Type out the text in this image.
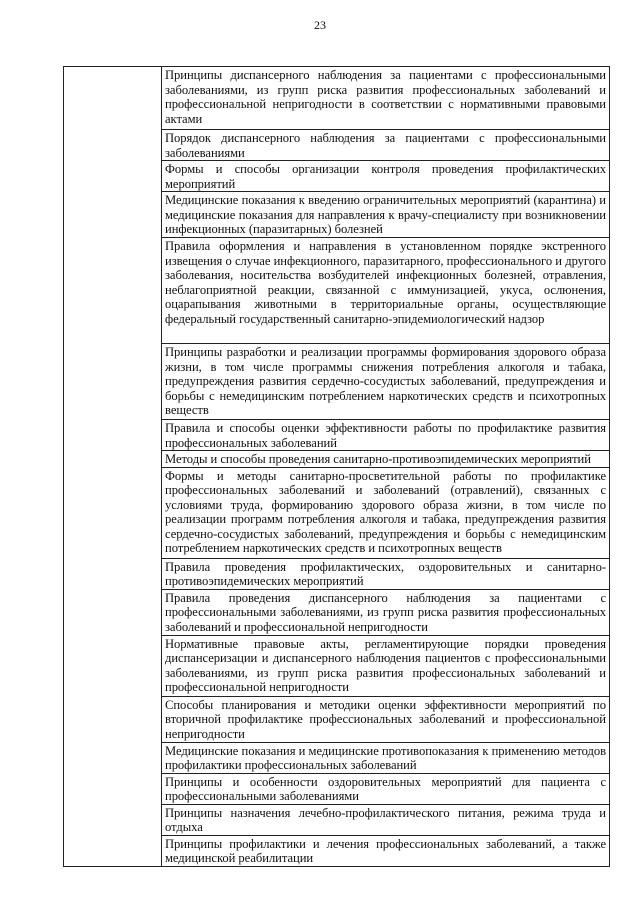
23

Принципы диспансерного наблюдения за пациентами с профессиональными заболеваниями, из групп риска развития профессиональных заболеваний и профессиональной непригодности в соответствии с нормативными правовыми актами

Порядок диспансерного наблюдения за пациентами с профессиональными заболеваниями

Формы и способы организации контроля проведения профилактических мероприятий

Медицинские показания к введению ограничительных мероприятий (карантина) и медицинские показания для направления к врачу-специалисту при возникновении инфекционных (паразитарных) болезней

Правила оформления и направления в установленном порядке экстренного извещения о случае инфекционного, паразитарного, профессионального и другого заболевания, носительства возбудителей инфекционных болезней, отравления, неблагоприятной реакции, связанной с иммунизацией, укуса, ослюнения, оцарапывания животными в территориальные органы, осуществляющие федеральный государственный санитарно-эпидемиологический надзор

Принципы разработки и реализации программы формирования здорового образа жизни, в том числе программы снижения потребления алкоголя и табака, предупреждения развития сердечно-сосудистых заболеваний, предупреждения и борьбы с немедицинским потреблением наркотических средств и психотропных веществ

Правила и способы оценки эффективности работы по профилактике развития профессиональных заболеваний

Методы и способы проведения санитарно-противоэпидемических мероприятий

Формы и методы санитарно-просветительной работы по профилактике профессиональных заболеваний и заболеваний (отравлений), связанных с условиями труда, формированию здорового образа жизни, в том числе по реализации программ потребления алкоголя и табака, предупреждения развития сердечно-сосудистых заболеваний, предупреждения и борьбы с немедицинским потреблением наркотических средств и психотропных веществ

Правила проведения профилактических, оздоровительных и санитарно-противоэпидемических мероприятий

Правила проведения диспансерного наблюдения за пациентами с профессиональными заболеваниями, из групп риска развития профессиональных заболеваний и профессиональной непригодности

Нормативные правовые акты, регламентирующие порядки проведения диспансеризации и диспансерного наблюдения пациентов с профессиональными заболеваниями, из групп риска развития профессиональных заболеваний и профессиональной непригодности

Способы планирования и методики оценки эффективности мероприятий по вторичной профилактике профессиональных заболеваний и профессиональной непригодности

Медицинские показания и медицинские противопоказания к применению методов профилактики профессиональных заболеваний

Принципы и особенности оздоровительных мероприятий для пациента с профессиональными заболеваниями

Принципы назначения лечебно-профилактического питания, режима труда и отдыха

Принципы профилактики и лечения профессиональных заболеваний, а также медицинской реабилитации
